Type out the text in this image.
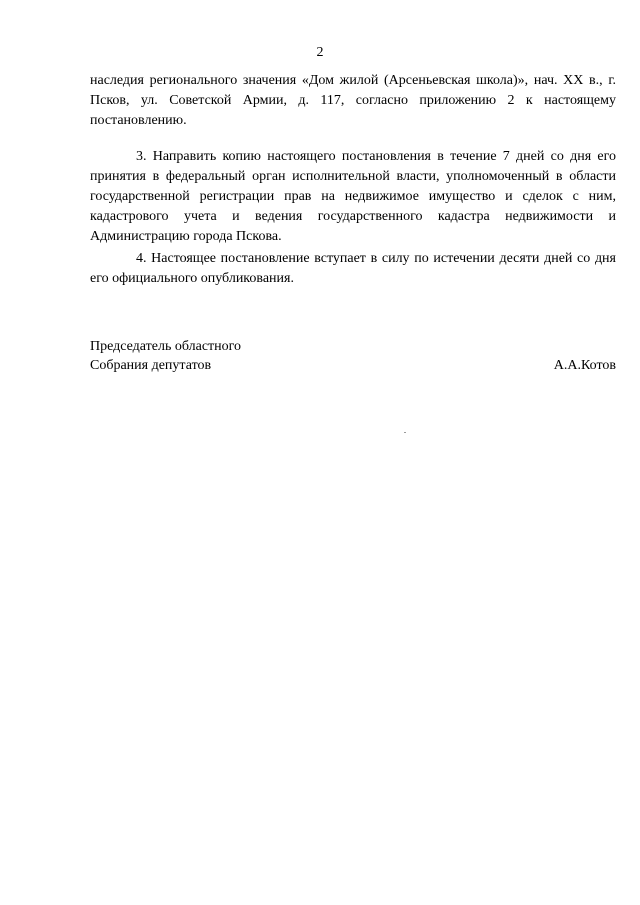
2

наследия регионального значения «Дом жилой (Арсеньевская школа)», нач. XX в., г. Псков, ул. Советской Армии, д. 117, согласно приложению 2 к настоящему постановлению.

3. Направить копию настоящего постановления в течение 7 дней со дня его принятия в федеральный орган исполнительной власти, уполномоченный в области государственной регистрации прав на недвижимое имущество и сделок с ним, кадастрового учета и ведения государственного кадастра недвижимости и Администрацию города Пскова.

4. Настоящее постановление вступает в силу по истечении десяти дней со дня его официального опубликования.

Председатель областного
Собрания депутатов	А.А.Котов
